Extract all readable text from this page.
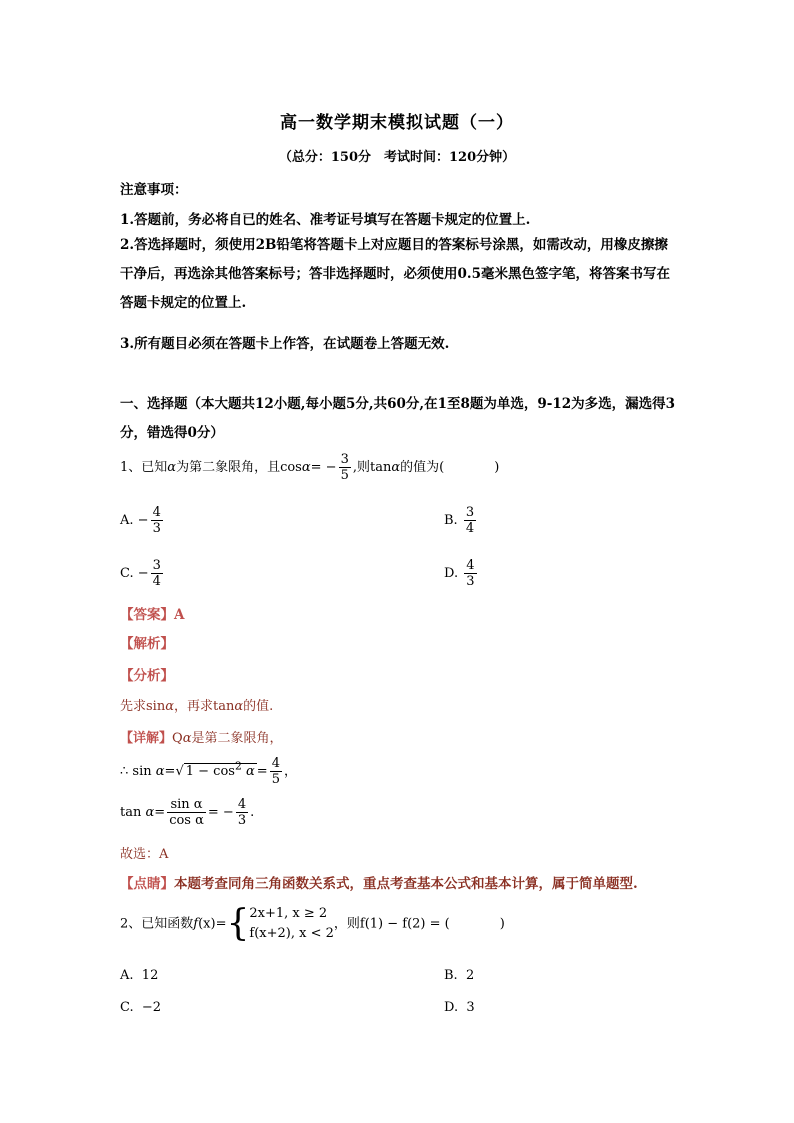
高一数学期末模拟试题（一）
（总分：150分　考试时间：120分钟）
注意事项：
1.答题前，务必将自已的姓名、准考证号填写在答题卡规定的位置上.
2.答选择题时，须使用2B铅笔将答题卡上对应题目的答案标号涂黑，如需改动，用橡皮擦擦干净后，再选涂其他答案标号；答非选择题时，必须使用0.5毫米黑色签字笔，将答案书写在答题卡规定的位置上.
3.所有题目必须在答题卡上作答，在试题卷上答题无效.
一、选择题（本大题共12小题,每小题5分,共60分,在1至8题为单选，9-12为多选，漏选得3分，错选得0分）
1、已知α为第二象限角，且$\cos\alpha= - \frac{3}{5}$ ,则tanα的值为(	)
A. − $\frac{4}{3}$	B. $\frac{3}{4}$
C. − $\frac{3}{4}$	D. $\frac{4}{3}$
【答案】A
【解析】
【分析】
先求sinα，再求tanα的值.
【详解】Qα是第二象限角，
∴ sin α=√ $1 - \cos^2 \alpha = \frac{4}{5}$ ，
$\tan \alpha= \frac{\text{sin α}}{\text{cos α}}$ = − $\frac{4}{3}$ .
故选：A
【点睛】本题考查同角三角函数关系式，重点考查基本公式和基本计算，属于简单题型.
2、已知函数f(x)={ 2x+1, x ≥ 2
f(x+2), x < 2
，则f(1) − f(2) = (	)
A. 12	B. 2
C. −2	D. 3
